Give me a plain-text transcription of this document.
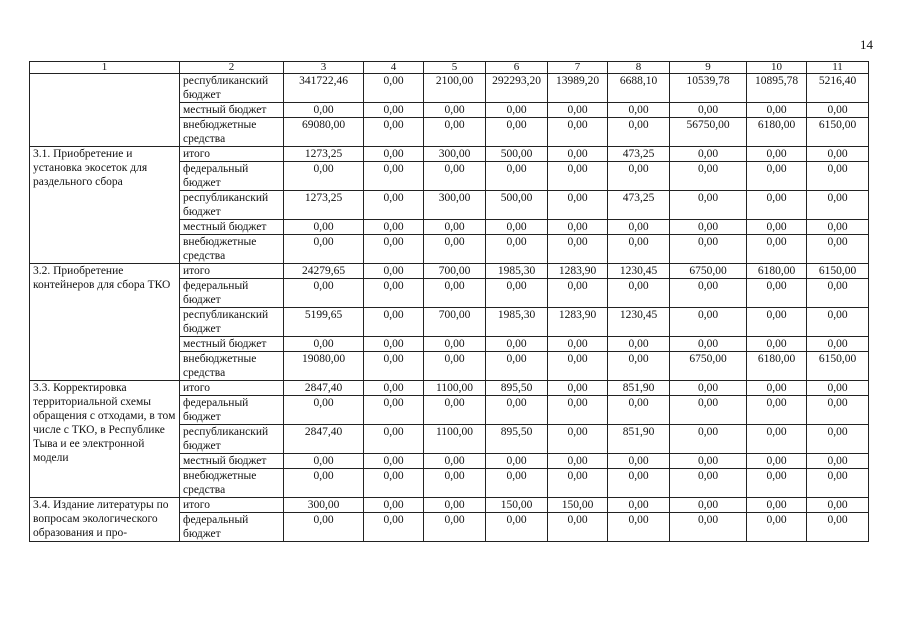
14
1	2	3	4	5	6	7	8	9	10	11
	республиканский бюджет	341722,46	0,00	2100,00	292293,20	13989,20	6688,10	10539,78	10895,78	5216,40
	местный бюджет	0,00	0,00	0,00	0,00	0,00	0,00	0,00	0,00	0,00
	внебюджетные средства	69080,00	0,00	0,00	0,00	0,00	0,00	56750,00	6180,00	6150,00
3.1. Приобретение и установка экосеток для раздельного сбора	итого	1273,25	0,00	300,00	500,00	0,00	473,25	0,00	0,00	0,00
	федеральный бюджет	0,00	0,00	0,00	0,00	0,00	0,00	0,00	0,00	0,00
	республиканский бюджет	1273,25	0,00	300,00	500,00	0,00	473,25	0,00	0,00	0,00
	местный бюджет	0,00	0,00	0,00	0,00	0,00	0,00	0,00	0,00	0,00
	внебюджетные средства	0,00	0,00	0,00	0,00	0,00	0,00	0,00	0,00	0,00
3.2. Приобретение контейнеров для сбора ТКО	итого	24279,65	0,00	700,00	1985,30	1283,90	1230,45	6750,00	6180,00	6150,00
	федеральный бюджет	0,00	0,00	0,00	0,00	0,00	0,00	0,00	0,00	0,00
	республиканский бюджет	5199,65	0,00	700,00	1985,30	1283,90	1230,45	0,00	0,00	0,00
	местный бюджет	0,00	0,00	0,00	0,00	0,00	0,00	0,00	0,00	0,00
	внебюджетные средства	19080,00	0,00	0,00	0,00	0,00	0,00	6750,00	6180,00	6150,00
3.3. Корректировка территориальной схемы обращения с отходами, в том числе с ТКО, в Республике Тыва и ее электронной модели	итого	2847,40	0,00	1100,00	895,50	0,00	851,90	0,00	0,00	0,00
	федеральный бюджет	0,00	0,00	0,00	0,00	0,00	0,00	0,00	0,00	0,00
	республиканский бюджет	2847,40	0,00	1100,00	895,50	0,00	851,90	0,00	0,00	0,00
	местный бюджет	0,00	0,00	0,00	0,00	0,00	0,00	0,00	0,00	0,00
	внебюджетные средства	0,00	0,00	0,00	0,00	0,00	0,00	0,00	0,00	0,00
3.4. Издание литературы по вопросам экологического образования и про-	итого	300,00	0,00	0,00	150,00	150,00	0,00	0,00	0,00	0,00
	федеральный бюджет	0,00	0,00	0,00	0,00	0,00	0,00	0,00	0,00	0,00
